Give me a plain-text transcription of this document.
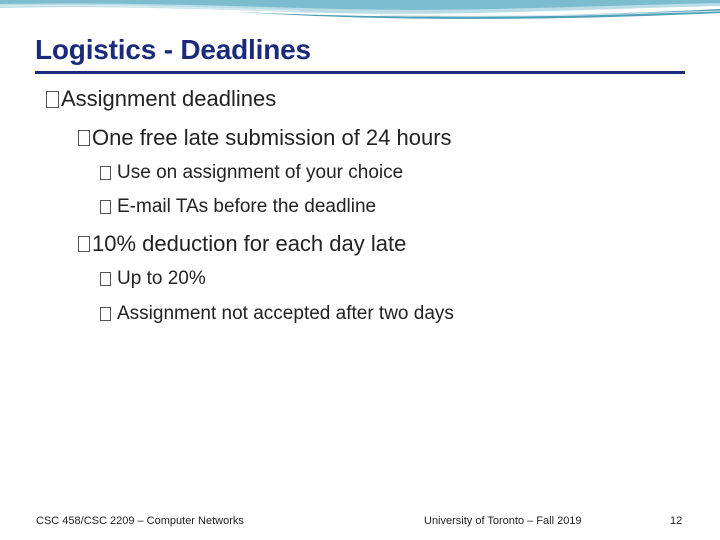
Logistics - Deadlines
Assignment deadlines
One free late submission of 24 hours
Use on assignment of your choice
E-mail TAs before the deadline
10% deduction for each day late
Up to 20%
Assignment not accepted after two days
CSC 458/CSC 2209 – Computer Networks	University of Toronto – Fall 2019	12
